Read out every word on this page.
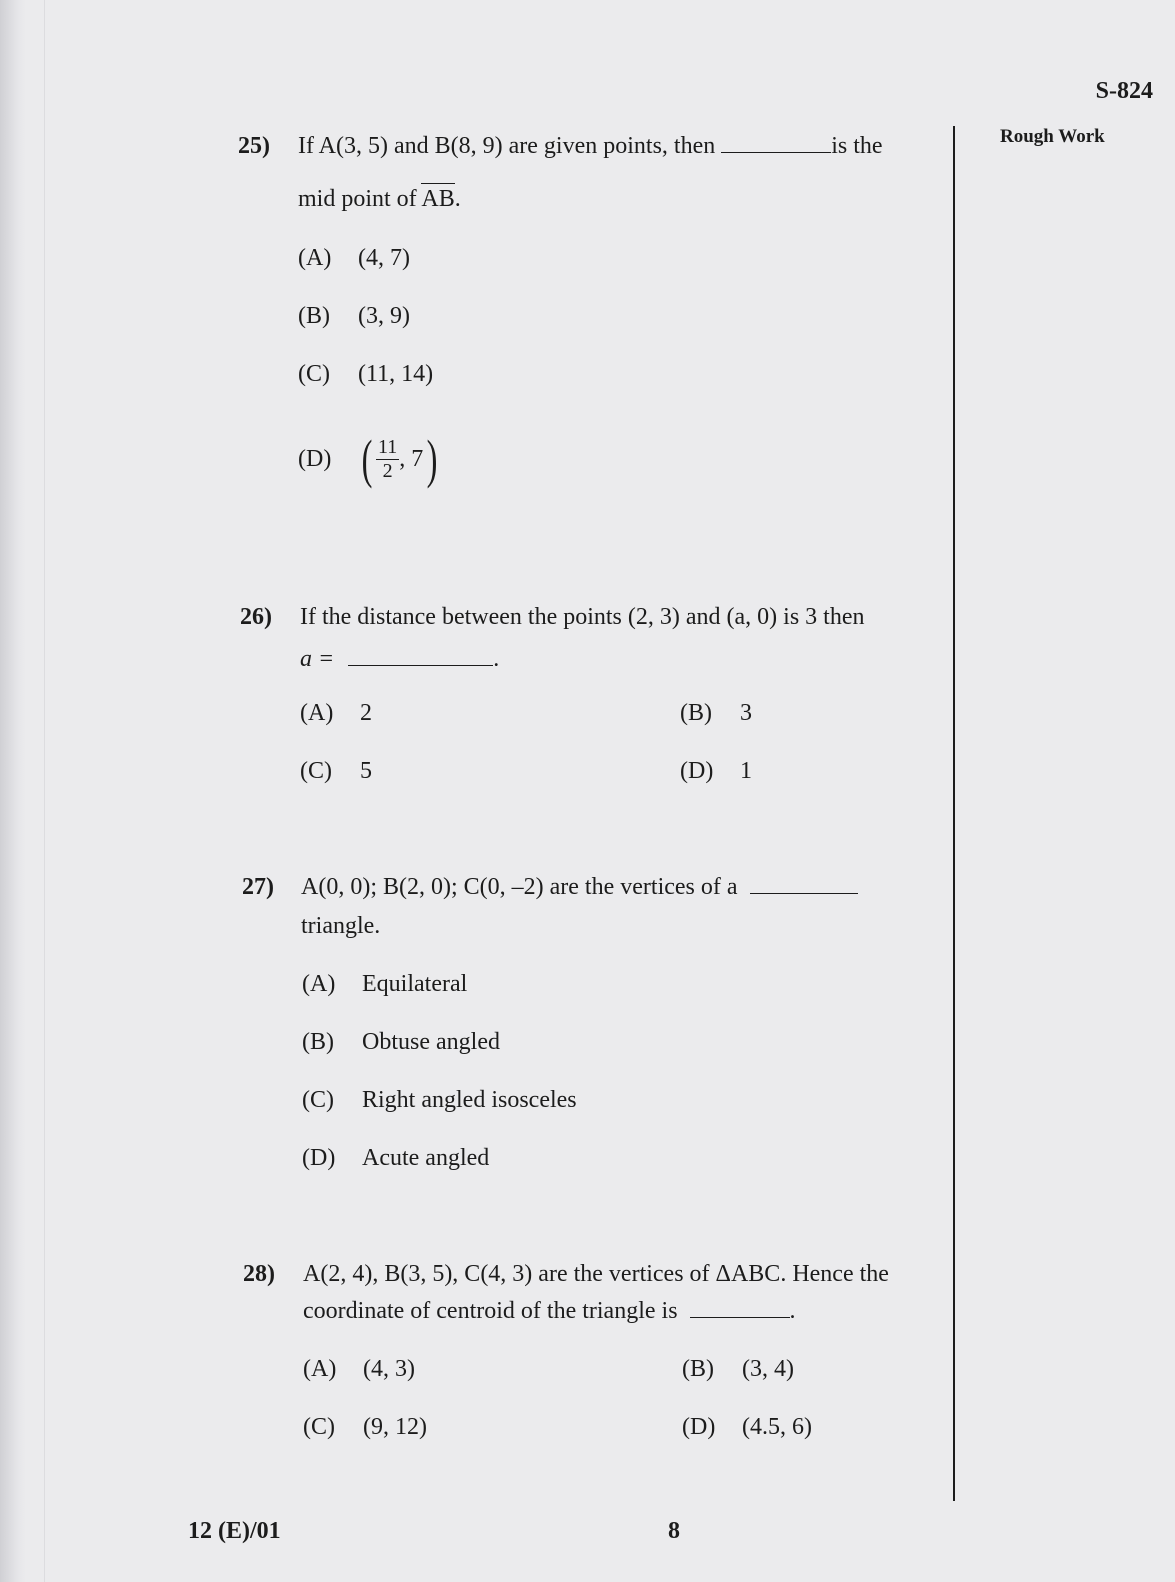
S-824
Rough Work
25) If A(3, 5) and B(8, 9) are given points, then	is the
mid point of AB.
(A) (4, 7)
(B) (3, 9)
(C) (11, 14)
(D) ( $\frac{11}{2}$ , 7)
26) If the distance between the points (2, 3) and (a, 0) is 3 then
a =	.
(A) 2	(B) 3
(C) 5	(D) 1
27) A(0, 0); B(2, 0); C(0, –2) are the vertices of a
triangle.
(A) Equilateral
(B) Obtuse angled
(C) Right angled isosceles
(D) Acute angled
28) A(2, 4), B(3, 5), C(4, 3) are the vertices of ΔABC. Hence the
coordinate of centroid of the triangle is	.
(A) (4, 3)	(B) (3, 4)
(C) (9, 12)	(D) (4.5, 6)
12 (E)/01	8
